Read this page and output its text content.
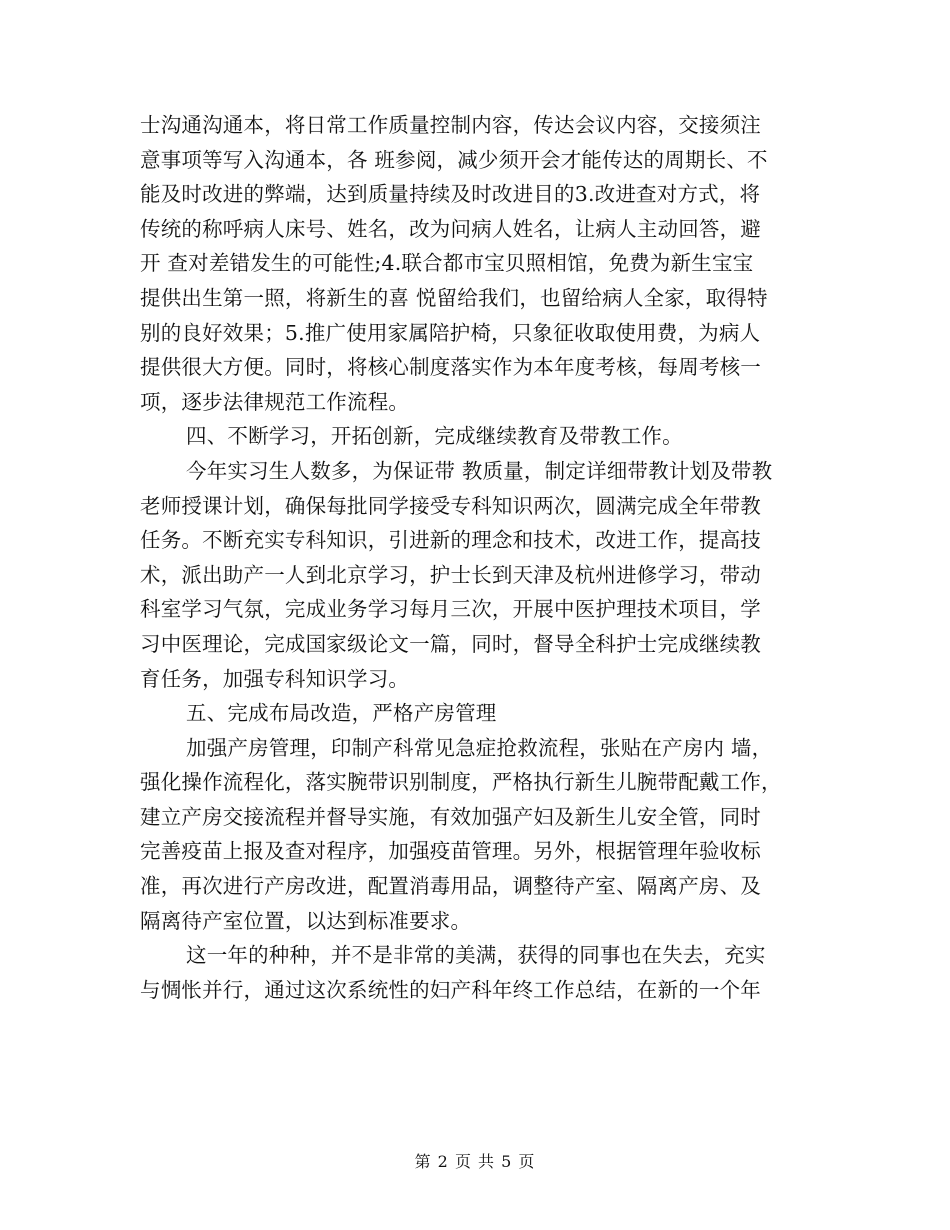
士沟通沟通本，将日常工作质量控制内容，传达会议内容，交接须注

意事项等写入沟通本，各 班参阅，减少须开会才能传达的周期长、不

能及时改进的弊端，达到质量持续及时改进目的3.改进查对方式，将

传统的称呼病人床号、姓名，改为问病人姓名，让病人主动回答，避

开 查对差错发生的可能性;4.联合都市宝贝照相馆，免费为新生宝宝

提供出生第一照，将新生的喜 悦留给我们，也留给病人全家，取得特

别的良好效果；5.推广使用家属陪护椅，只象征收取使用费，为病人

提供很大方便。同时，将核心制度落实作为本年度考核，每周考核一

项，逐步法律规范工作流程。

四、不断学习，开拓创新，完成继续教育及带教工作。

今年实习生人数多，为保证带 教质量，制定详细带教计划及带教

老师授课计划，确保每批同学接受专科知识两次，圆满完成全年带教

任务。不断充实专科知识，引进新的理念和技术，改进工作，提高技

术，派出助产一人到北京学习，护士长到天津及杭州进修学习，带动

科室学习气氛，完成业务学习每月三次，开展中医护理技术项目，学

习中医理论，完成国家级论文一篇，同时，督导全科护士完成继续教

育任务，加强专科知识学习。

五、完成布局改造，严格产房管理

加强产房管理，印制产科常见急症抢救流程，张贴在产房内 墙，

强化操作流程化，落实腕带识别制度，严格执行新生儿腕带配戴工作，

建立产房交接流程并督导实施，有效加强产妇及新生儿安全管，同时

完善疫苗上报及查对程序，加强疫苗管理。另外，根据管理年验收标

准，再次进行产房改进，配置消毒用品，调整待产室、隔离产房、及

隔离待产室位置，以达到标准要求。

这一年的种种，并不是非常的美满，获得的同事也在失去，充实

与惆怅并行，通过这次系统性的妇产科年终工作总结，在新的一个年

第 2 页 共 5 页
